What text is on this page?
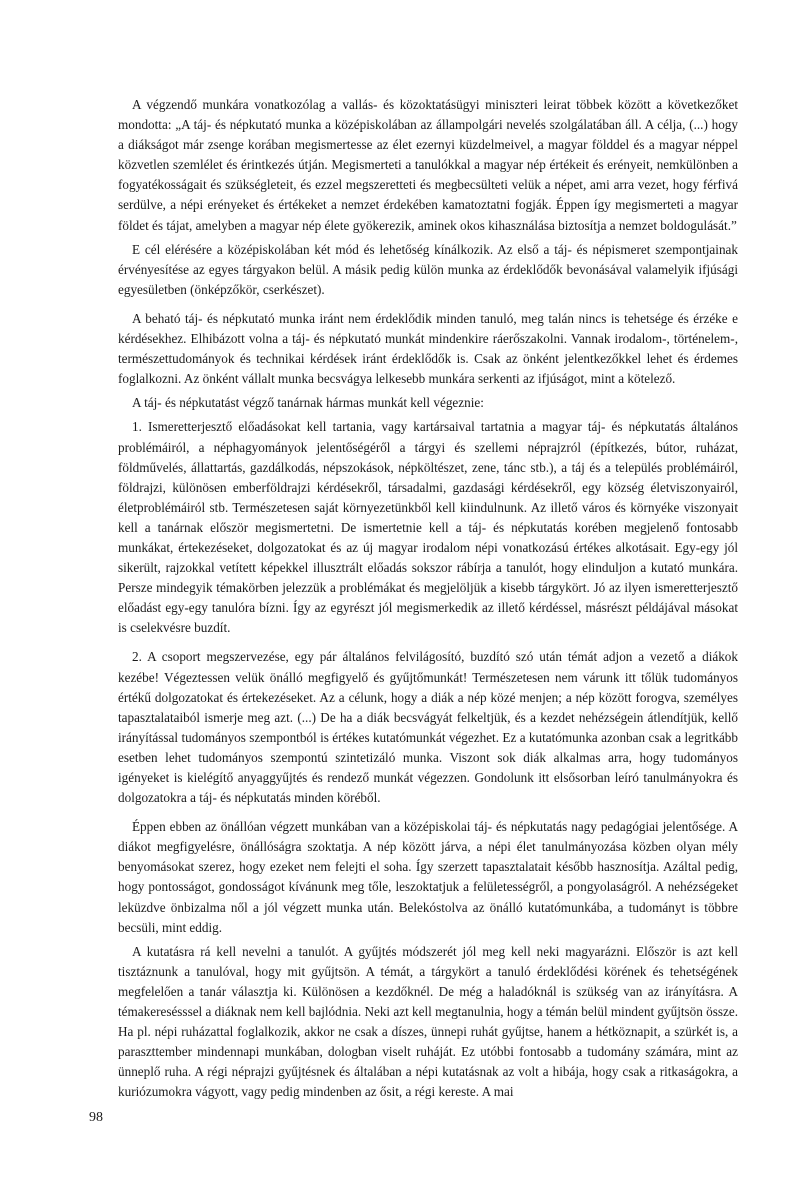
A végzendő munkára vonatkozólag a vallás- és közoktatásügyi miniszteri leirat többek között a következőket mondotta: „A táj- és népkutató munka a középiskolában az állampolgári nevelés szolgálatában áll. A célja, (...) hogy a diákságot már zsenge korában megismertesse az élet ezernyi küzdelmeivel, a magyar földdel és a magyar néppel közvetlen szemlélet és érintkezés útján. Megismerteti a tanulókkal a magyar nép értékeit és erényeit, nemkülönben a fogyatékosságait és szükségleteit, és ezzel megszeretteti és megbecsülteti velük a népet, ami arra vezet, hogy férfivá serdülve, a népi erényeket és értékeket a nemzet érdekében kamatoztatni fogják. Éppen így megismerteti a magyar földet és tájat, amelyben a magyar nép élete gyökerezik, aminek okos kihasználása biztosítja a nemzet boldogulását.”

E cél elérésére a középiskolában két mód és lehetőség kínálkozik. Az első a táj- és népismeret szempontjainak érvényesítése az egyes tárgyakon belül. A másik pedig külön munka az érdeklődők bevonásával valamelyik ifjúsági egyesületben (önképzőkör, cserkészet).

A beható táj- és népkutató munka iránt nem érdeklődik minden tanuló, meg talán nincs is tehetsége és érzéke e kérdésekhez. Elhibázott volna a táj- és népkutató munkát mindenkire ráerőszakolni. Vannak irodalom-, történelem-, természettudományok és technikai kérdések iránt érdeklődők is. Csak az önként jelentkezőkkel lehet és érdemes foglalkozni. Az önként vállalt munka becsvágya lelkesebb munkára serkenti az ifjúságot, mint a kötelező.

A táj- és népkutatást végző tanárnak hármas munkát kell végeznie:

1. Ismeretterjesztő előadásokat kell tartania, vagy kartársaival tartatnia a magyar táj- és népkutatás általános problémáiról, a néphagyományok jelentőségéről a tárgyi és szellemi néprajzról (építkezés, bútor, ruházat, földművelés, állattartás, gazdálkodás, népszokások, népköltészet, zene, tánc stb.), a táj és a település problémáiról, földrajzi, különösen emberföldrajzi kérdésekről, társadalmi, gazdasági kérdésekről, egy község életviszonyairól, életproblémáiról stb. Természetesen saját környezetünkből kell kiindulnunk. Az illető város és környéke viszonyait kell a tanárnak először megismertetni. De ismertetnie kell a táj- és népkutatás korében megjelenő fontosabb munkákat, értekezéseket, dolgozatokat és az új magyar irodalom népi vonatkozású értékes alkotásait. Egy-egy jól sikerült, rajzokkal vetített képekkel illusztrált előadás sokszor rábírja a tanulót, hogy elinduljon a kutató munkára. Persze mindegyik témakörben jelezzük a problémákat és megjelöljük a kisebb tárgykört. Jó az ilyen ismeretterjesztő előadást egy-egy tanulóra bízni. Így az egyrészt jól megismerkedik az illető kérdéssel, másrészt példájával másokat is cselekvésre buzdít.

2. A csoport megszervezése, egy pár általános felvilágosító, buzdító szó után témát adjon a vezető a diákok kezébe! Végeztessen velük önálló megfigyelő és gyűjtőmunkát! Természetesen nem várunk itt tőlük tudományos értékű dolgozatokat és értekezéseket. Az a célunk, hogy a diák a nép közé menjen; a nép között forogva, személyes tapasztalataiból ismerje meg azt. (...) De ha a diák becsvágyát felkeltjük, és a kezdet nehézségein átlendítjük, kellő irányítással tudományos szempontból is értékes kutatómunkát végezhet. Ez a kutatómunka azonban csak a legritkább esetben lehet tudományos szempontú szintetizáló munka. Viszont sok diák alkalmas arra, hogy tudományos igényeket is kielégítő anyaggyűjtés és rendező munkát végezzen. Gondolunk itt elsősorban leíró tanulmányokra és dolgozatokra a táj- és népkutatás minden köréből.

Éppen ebben az önállóan végzett munkában van a középiskolai táj- és népkutatás nagy pedagógiai jelentősége. A diákot megfigyelésre, önállóságra szoktatja. A nép között járva, a népi élet tanulmányozása közben olyan mély benyomásokat szerez, hogy ezeket nem felejti el soha. Így szerzett tapasztalatait később hasznosítja. Azáltal pedig, hogy pontosságot, gondosságot kívánunk meg tőle, leszoktatjuk a felületességről, a pongyolaságról. A nehézségeket leküzdve önbizalma nől a jól végzett munka után. Belekóstolva az önálló kutatómunkába, a tudományt is többre becsüli, mint eddig.

A kutatásra rá kell nevelni a tanulót. A gyűjtés módszerét jól meg kell neki magyarázni. Először is azt kell tisztáznunk a tanulóval, hogy mit gyűjtsön. A témát, a tárgykört a tanuló érdeklődési körének és tehetségének megfelelően a tanár választja ki. Különösen a kezdőknél. De még a haladóknál is szükség van az irányításra. A témakeresésssel a diáknak nem kell bajlódnia. Neki azt kell megtanulnia, hogy a témán belül mindent gyűjtsön össze. Ha pl. népi ruházattal foglalkozik, akkor ne csak a díszes, ünnepi ruhát gyűjtse, hanem a hétköznapit, a szürkét is, a paraszttember mindennapi munkában, dologban viselt ruháját. Ez utóbbi fontosabb a tudomány számára, mint az ünneplő ruha. A régi néprajzi gyűjtésnek és általában a népi kutatásnak az volt a hibája, hogy csak a ritkaságokra, a kuriózumokra vágyott, vagy pedig mindenben az ősit, a régi kereste. A mai

98
